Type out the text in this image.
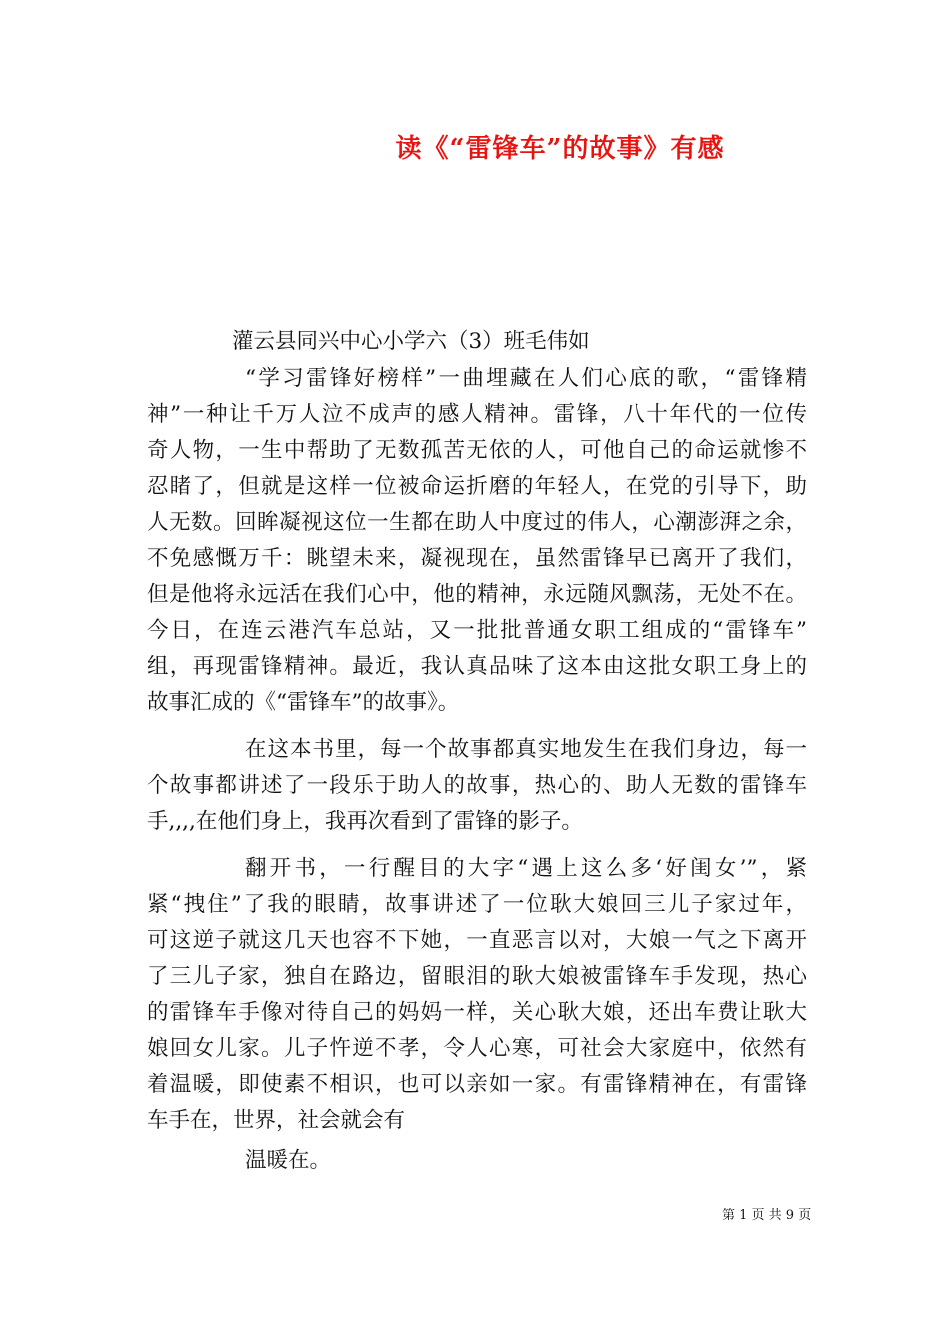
读《“雷锋车”的故事》有感
灌云县同兴中心小学六（3）班毛伟如
“学习雷锋好榜样”一曲埋藏在人们心底的歌，“雷锋精
神”一种让千万人泣不成声的感人精神。雷锋，八十年代的一位传
奇人物，一生中帮助了无数孤苦无依的人，可他自己的命运就惨不
忍睹了，但就是这样一位被命运折磨的年轻人，在党的引导下，助
人无数。回眸凝视这位一生都在助人中度过的伟人，心潮澎湃之余，
不免感慨万千：眺望未来，凝视现在，虽然雷锋早已离开了我们，
但是他将永远活在我们心中，他的精神，永远随风飘荡，无处不在。
今日，在连云港汽车总站，又一批批普通女职工组成的“雷锋车”
组，再现雷锋精神。最近，我认真品味了这本由这批女职工身上的
故事汇成的《“雷锋车”的故事》。
在这本书里，每一个故事都真实地发生在我们身边，每一
个故事都讲述了一段乐于助人的故事，热心的、助人无数的雷锋车
手,,,,在他们身上，我再次看到了雷锋的影子。
翻开书，一行醒目的大字“遇上这么多‘好闺女’”，紧
紧“拽住”了我的眼睛，故事讲述了一位耿大娘回三儿子家过年，
可这逆子就这几天也容不下她，一直恶言以对，大娘一气之下离开
了三儿子家，独自在路边，留眼泪的耿大娘被雷锋车手发现，热心
的雷锋车手像对待自己的妈妈一样，关心耿大娘，还出车费让耿大
娘回女儿家。儿子忤逆不孝，令人心寒，可社会大家庭中，依然有
着温暖，即使素不相识，也可以亲如一家。有雷锋精神在，有雷锋
车手在，世界，社会就会有
温暖在。
第 1 页 共 9 页
